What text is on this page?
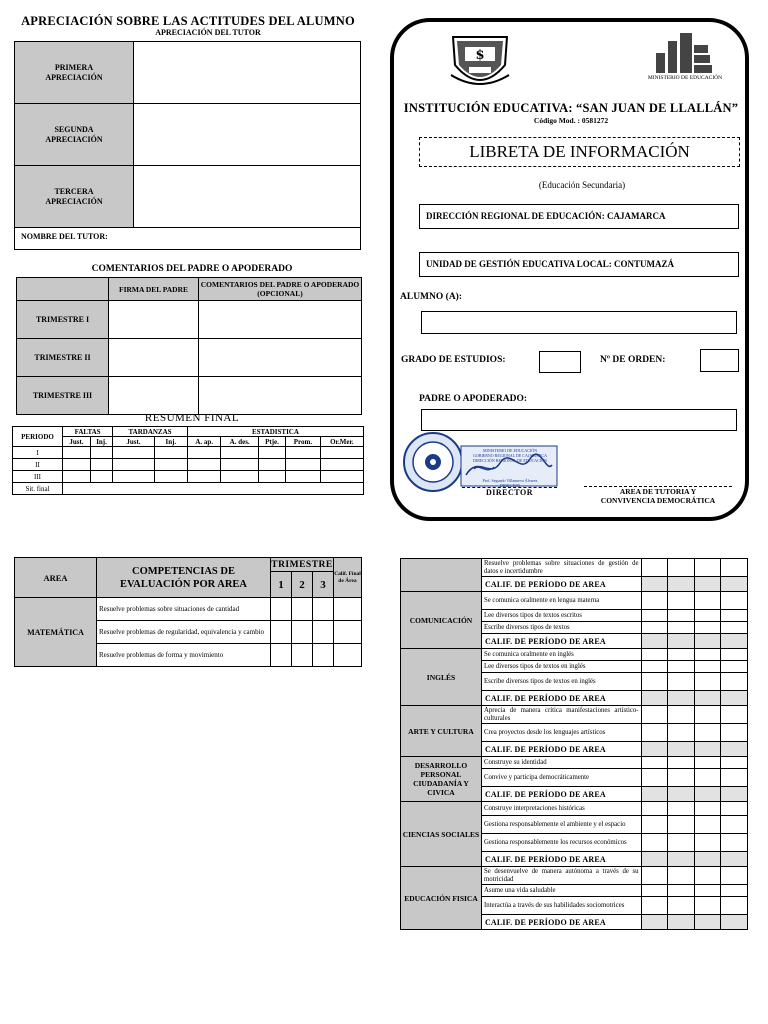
APRECIACIÓN SOBRE LAS ACTITUDES DEL ALUMNO
APRECIACIÓN DEL TUTOR
PRIMERA
APRECIACIÓN	
SEGUNDA
APRECIACIÓN	
TERCERA
APRECIACIÓN	
NOMBRE DEL TUTOR:
COMENTARIOS DEL PADRE O APODERADO
	FIRMA DEL PADRE	COMENTARIOS DEL PADRE O APODERADO (OPCIONAL)
TRIMESTRE I		
TRIMESTRE II		
TRIMESTRE III		
RESUMEN FINAL
PERIODO	FALTAS		TARDANZAS		ESTADISTICA				
	Just.	Inj.	Just.	Inj.	A. ap.	A. des.	Ptje.	Prom.	Or.Mer.
I									
II									
III									
Sit. final									
$
MINISTERIO DE EDUCACIÓN
INSTITUCIÓN EDUCATIVA: “SAN JUAN DE LLALLÁN”
Código Mod. : 0581272
LIBRETA DE INFORMACIÓN
(Educación Secundaria)
DIRECCIÓN REGIONAL DE EDUCACIÓN: CAJAMARCA
UNIDAD DE GESTIÓN EDUCATIVA LOCAL: CONTUMAZÁ
ALUMNO (A):
GRADO DE ESTUDIOS:	Nº DE ORDEN:
PADRE O APODERADO:
MINISTERIO DE EDUCACIÓN
GOBIERNO REGIONAL DE CAJAMARCA
DIRECCIÓN REGIONAL DE EDUCACIÓN
Prof. Segundo Villanueva Álvarez
DIRECTOR
DIRECTOR	AREA DE TUTORIA Y
CONVIVENCIA DEMOCRÁTICA
AREA	COMPETENCIAS DE EVALUACIÓN POR AREA	TRIMESTRE			Calif. Final de Área
		1	2	3	
MATEMÁTICA	Resuelve problemas sobre situaciones de cantidad				
	Resuelve problemas de regularidad, equivalencia y cambio				
	Resuelve problemas de forma y movimiento				
	Resuelve problemas sobre situaciones de gestión de datos e incertidumbre				
	CALIF. DE PERÍODO DE AREA				
COMUNICACIÓN	Se comunica oralmente en lengua materna				
	Lee diversos tipos de textos escritos				
	Escribe diversos tipos de textos				
	CALIF. DE PERÍODO DE AREA				
INGLÉS	Se comunica oralmente en inglés				
	Lee diversos tipos de textos en inglés				
	Escribe diversos tipos de textos en inglés				
	CALIF. DE PERÍODO DE AREA				
ARTE Y CULTURA	Aprecia de manera crítica manifestaciones artístico-culturales				
	Crea proyectos desde los lenguajes artísticos				
	CALIF. DE PERÍODO DE AREA				
DESARROLLO PERSONAL CIUDADANÍA Y CIVICA	Construye su identidad				
	Convive y participa democráticamente				
	CALIF. DE PERÍODO DE AREA				
CIENCIAS SOCIALES	Construye interpretaciones históricas				
	Gestiona responsablemente el ambiente y el espacio				
	Gestiona responsablemente los recursos económicos				
	CALIF. DE PERÍODO DE AREA				
EDUCACIÓN FISICA	Se desenvuelve de manera autónoma a través de su motricidad				
	Asume una vida saludable				
	Interactúa a través de sus habilidades sociomotrices				
	CALIF. DE PERÍODO DE AREA				
